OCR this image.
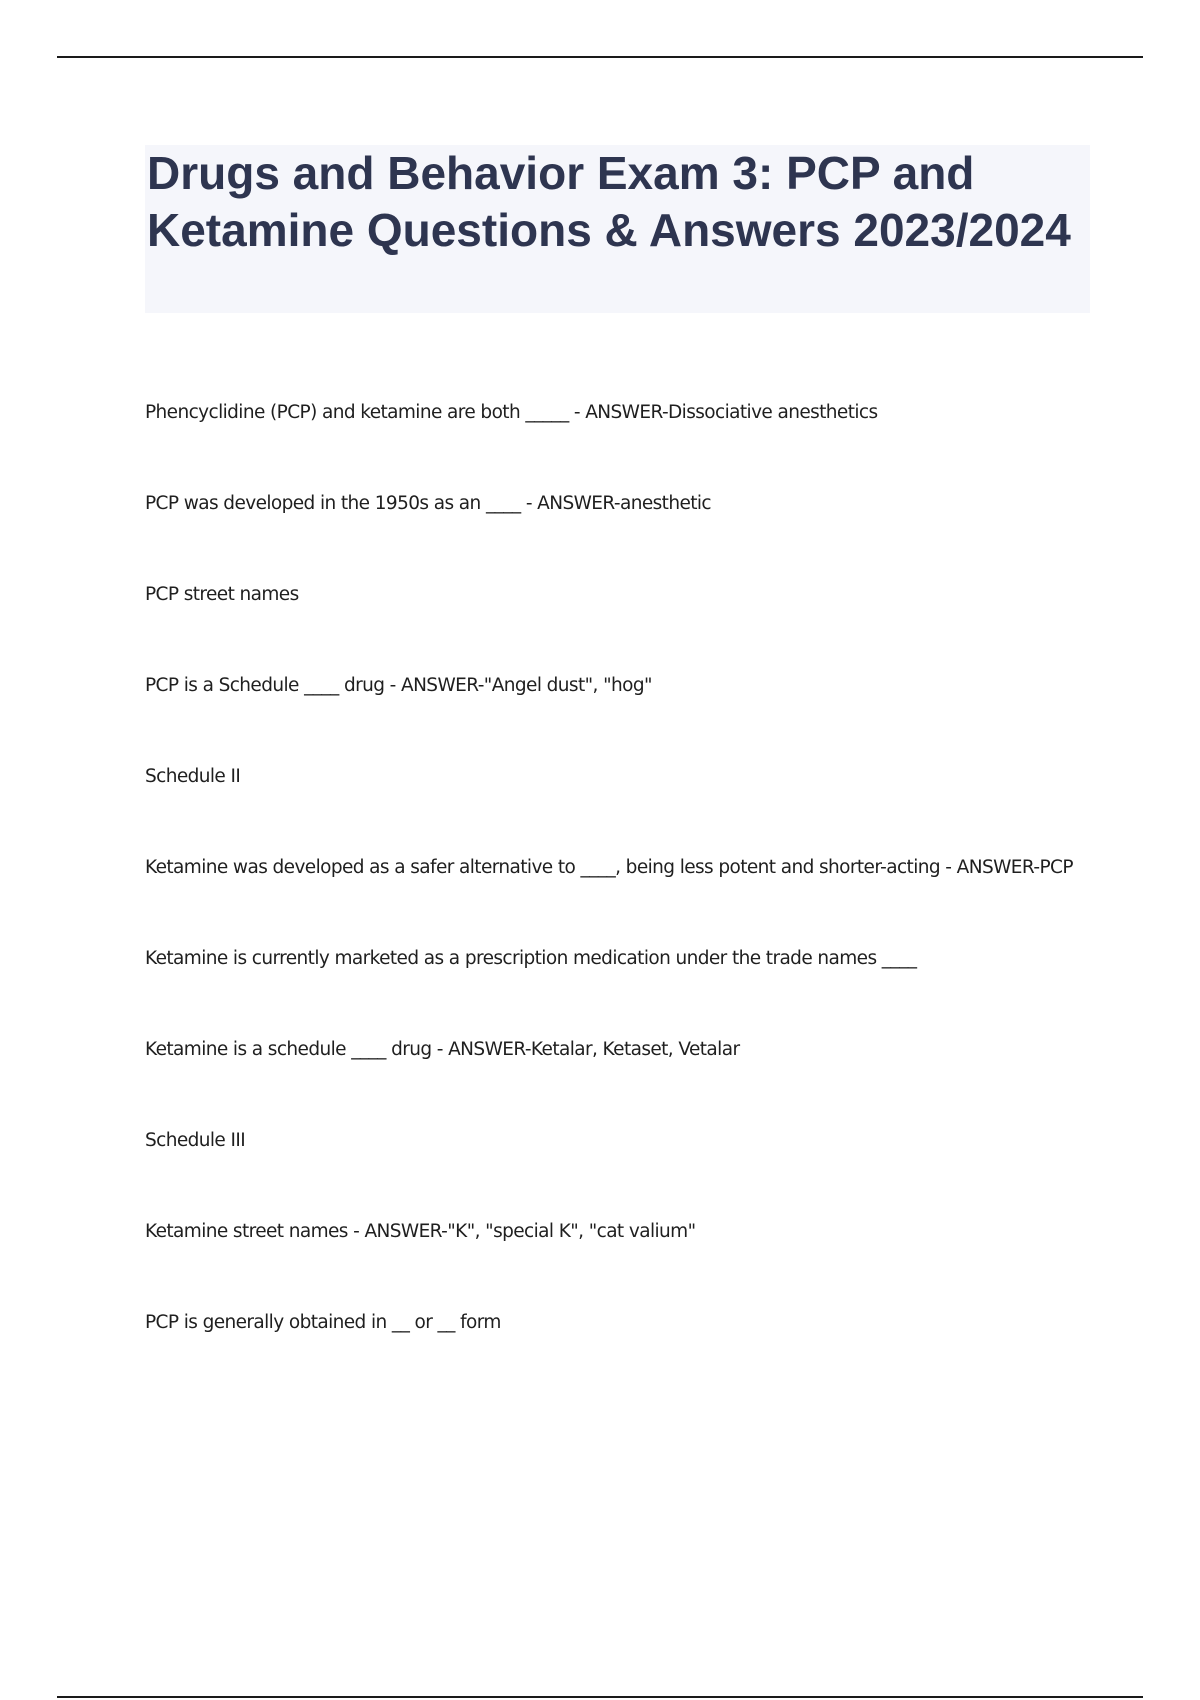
Drugs and Behavior Exam 3: PCP and Ketamine Questions & Answers 2023/2024
Phencyclidine (PCP) and ketamine are both _____ - ANSWER-Dissociative anesthetics
PCP was developed in the 1950s as an ____ - ANSWER-anesthetic
PCP street names
PCP is a Schedule ____ drug - ANSWER-"Angel dust", "hog"
Schedule II
Ketamine was developed as a safer alternative to ____, being less potent and shorter-acting - ANSWER-PCP
Ketamine is currently marketed as a prescription medication under the trade names ____
Ketamine is a schedule ____ drug - ANSWER-Ketalar, Ketaset, Vetalar
Schedule III
Ketamine street names - ANSWER-"K", "special K", "cat valium"
PCP is generally obtained in __ or __ form
